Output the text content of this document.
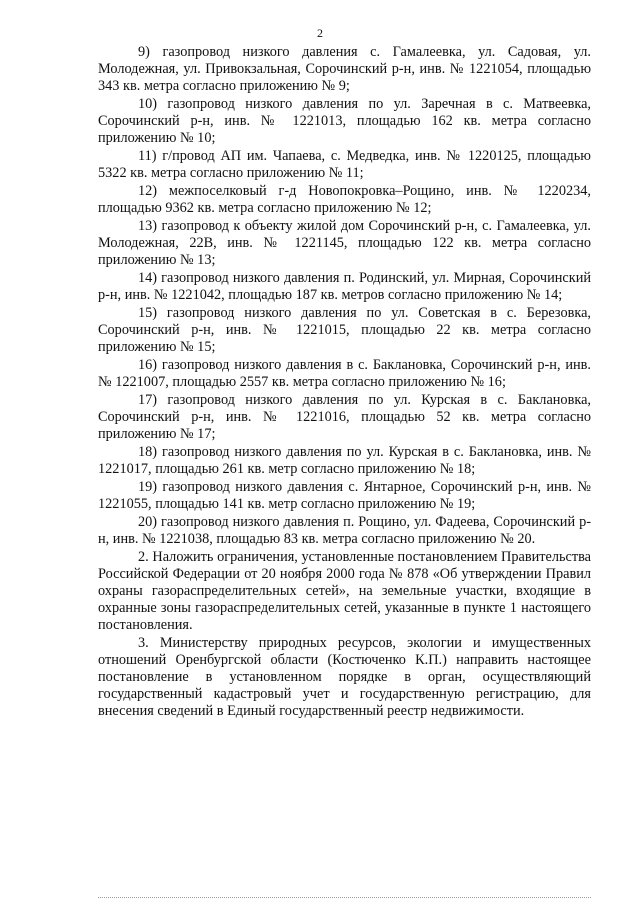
2

9) газопровод низкого давления с. Гамалеевка, ул. Садовая, ул. Молодежная, ул. Привокзальная, Сорочинский р-н, инв. № 1221054, площадью 343 кв. метра согласно приложению № 9;

10) газопровод низкого давления по ул. Заречная в с. Матвеевка, Сорочинский р-н, инв. № 1221013, площадью 162 кв. метра согласно приложению № 10;

11) г/провод АП им. Чапаева, с. Медведка, инв. № 1220125, площадью 5322 кв. метра согласно приложению № 11;

12) межпоселковый г-д Новопокровка–Рощино, инв. № 1220234, площадью 9362 кв. метра согласно приложению № 12;

13) газопровод к объекту жилой дом Сорочинский р-н, с. Гамалеевка, ул. Молодежная, 22В, инв. № 1221145, площадью 122 кв. метра согласно приложению № 13;

14) газопровод низкого давления п. Родинский, ул. Мирная, Сорочинский р-н, инв. № 1221042, площадью 187 кв. метров согласно приложению № 14;

15) газопровод низкого давления по ул. Советская в с. Березовка, Сорочинский р-н, инв. № 1221015, площадью 22 кв. метра согласно приложению № 15;

16) газопровод низкого давления в с. Баклановка, Сорочинский р-н, инв. № 1221007, площадью 2557 кв. метра согласно приложению № 16;

17) газопровод низкого давления по ул. Курская в с. Баклановка, Сорочинский р-н, инв. № 1221016, площадью 52 кв. метра согласно приложению № 17;

18) газопровод низкого давления по ул. Курская в с. Баклановка, инв. № 1221017, площадью 261 кв. метр согласно приложению № 18;

19) газопровод низкого давления с. Янтарное, Сорочинский р-н, инв. № 1221055, площадью 141 кв. метр согласно приложению № 19;

20) газопровод низкого давления п. Рощино, ул. Фадеева, Сорочинский р-н, инв. № 1221038, площадью 83 кв. метра согласно приложению № 20.

2. Наложить ограничения, установленные постановлением Правительства Российской Федерации от 20 ноября 2000 года № 878 «Об утверждении Правил охраны газораспределительных сетей», на земельные участки, входящие в охранные зоны газораспределительных сетей, указанные в пункте 1 настоящего постановления.

3. Министерству природных ресурсов, экологии и имущественных отношений Оренбургской области (Костюченко К.П.) направить настоящее постановление в установленном порядке в орган, осуществляющий государственный кадастровый учет и государственную регистрацию, для внесения сведений в Единый государственный реестр недвижимости.
